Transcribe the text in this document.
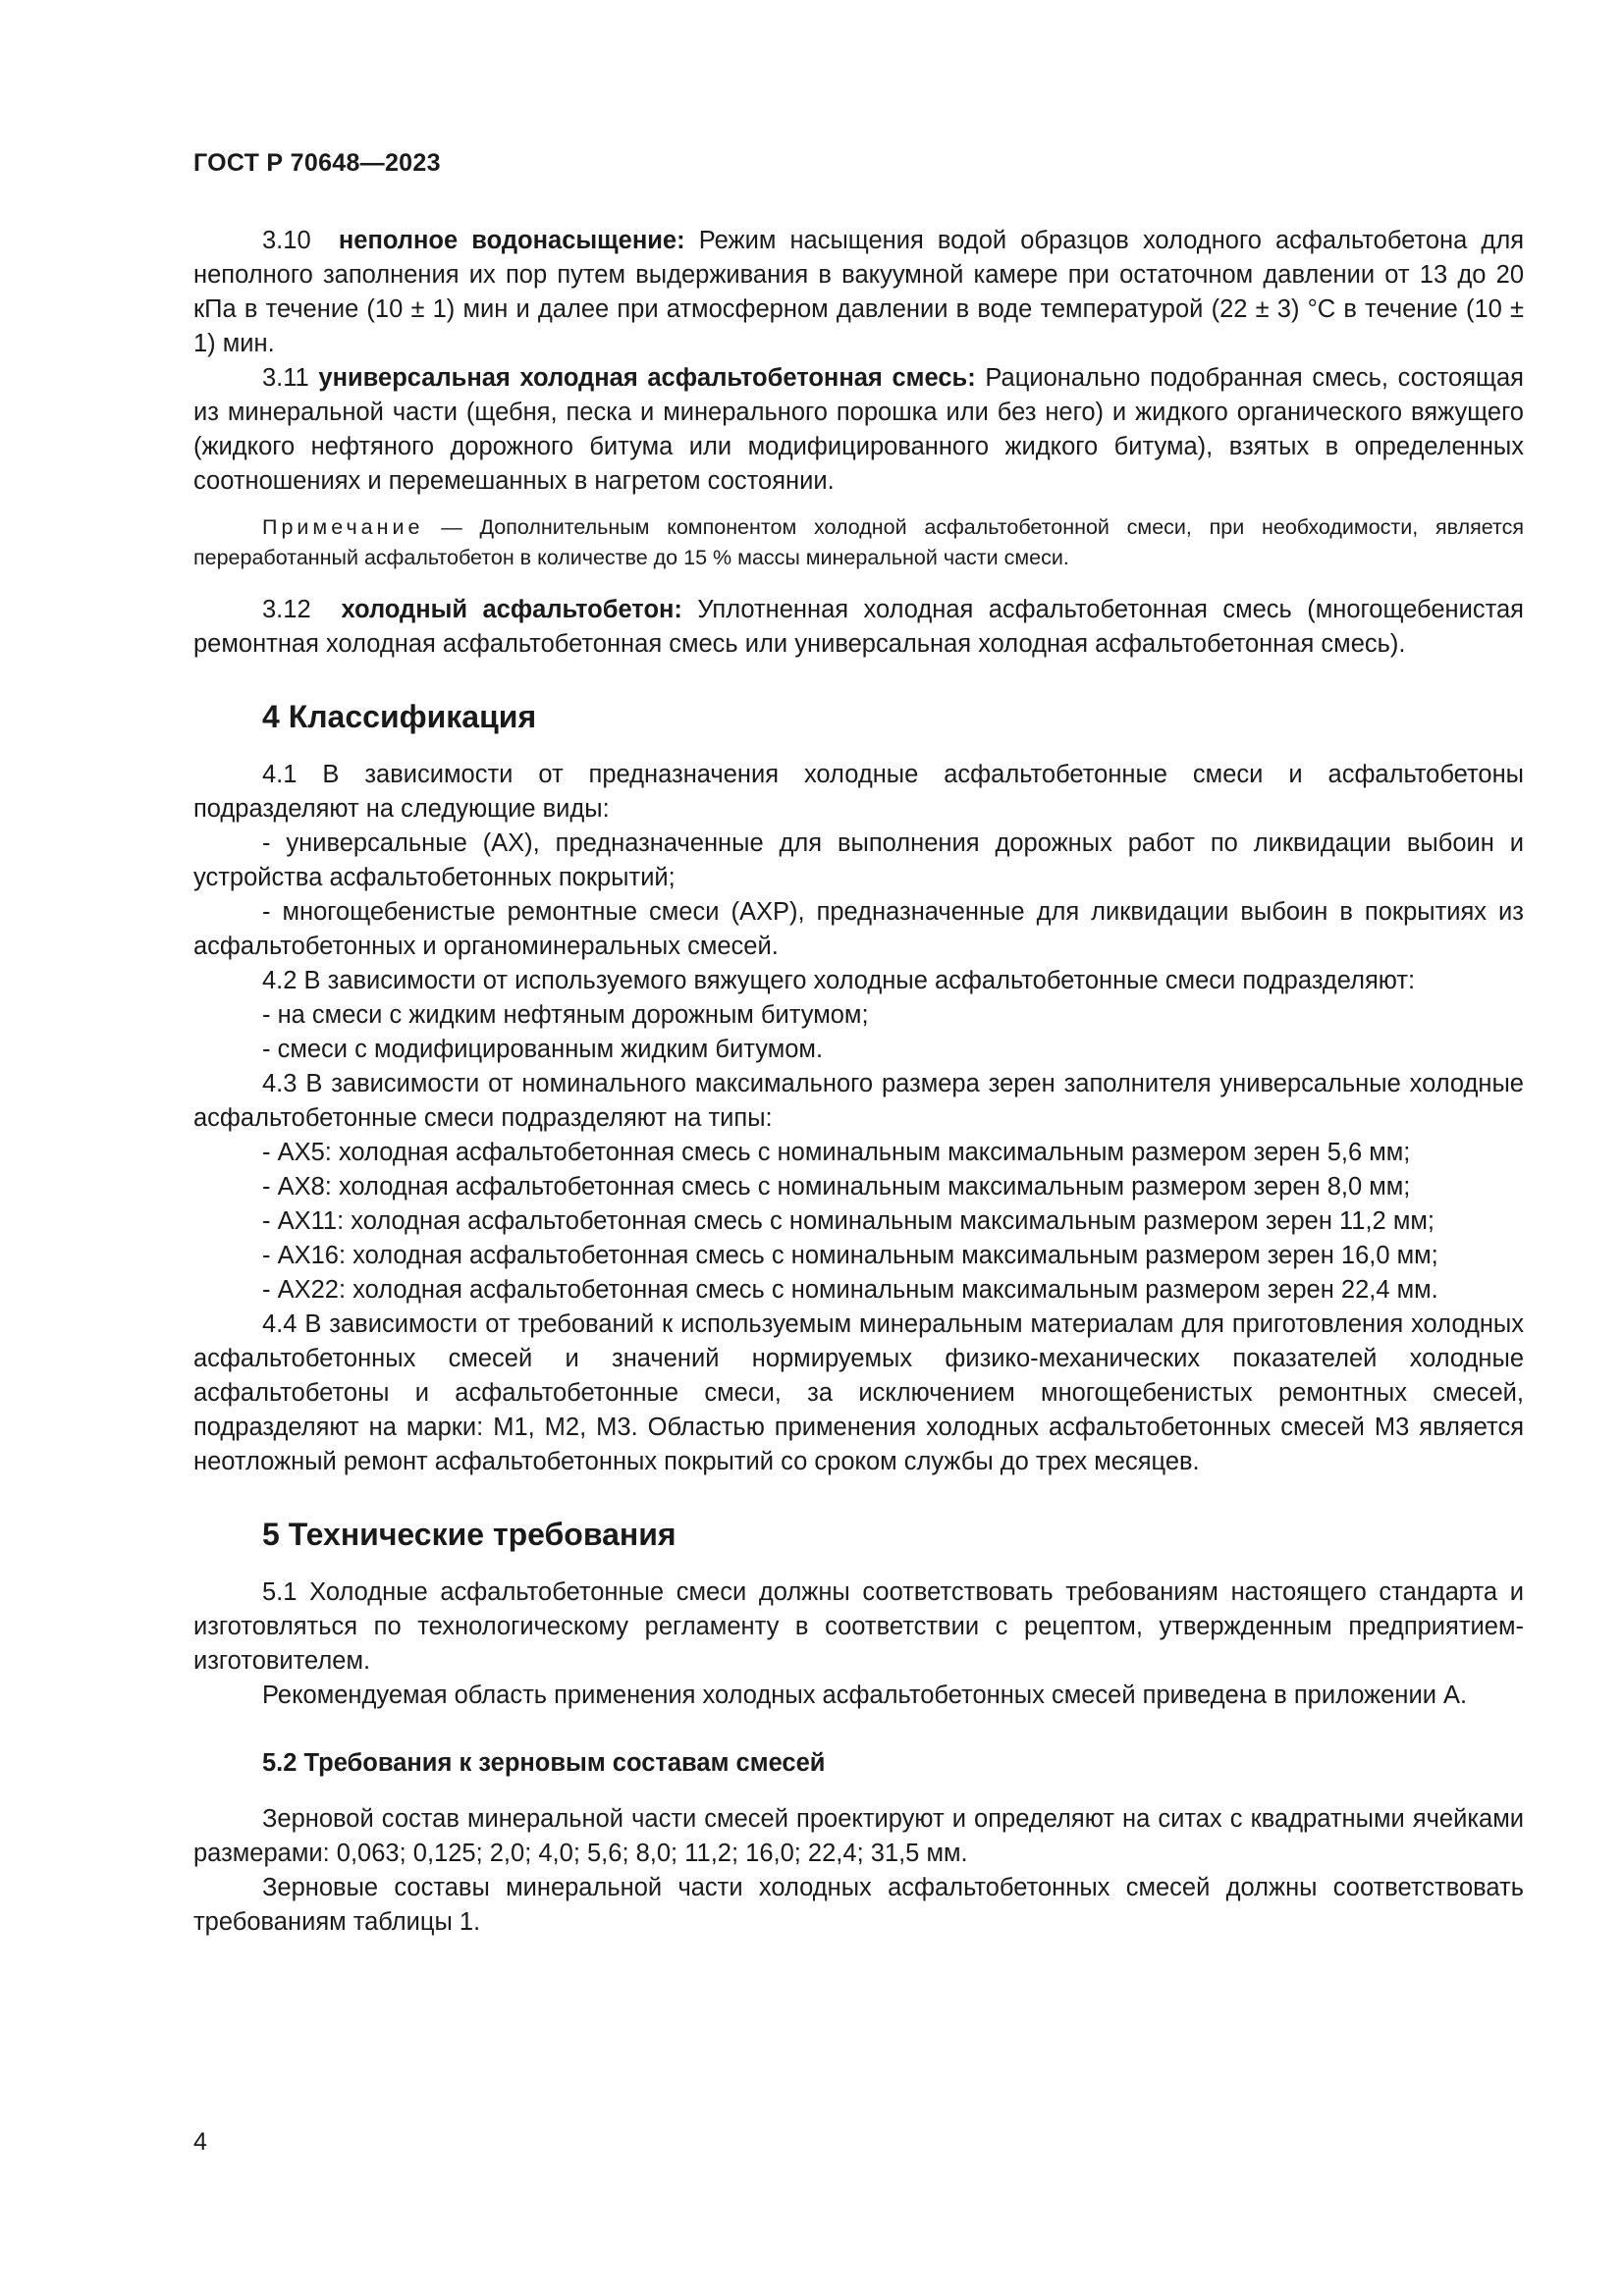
ГОСТ Р 70648—2023

3.10 неполное водонасыщение: Режим насыщения водой образцов холодного асфальтобетона для неполного заполнения их пор путем выдерживания в вакуумной камере при остаточном давлении от 13 до 20 кПа в течение (10 ± 1) мин и далее при атмосферном давлении в воде температурой (22 ± 3) °С в течение (10 ± 1) мин.

3.11 универсальная холодная асфальтобетонная смесь: Рационально подобранная смесь, состоящая из минеральной части (щебня, песка и минерального порошка или без него) и жидкого органического вяжущего (жидкого нефтяного дорожного битума или модифицированного жидкого битума), взятых в определенных соотношениях и перемешанных в нагретом состоянии.

Примечание — Дополнительным компонентом холодной асфальтобетонной смеси, при необходимости, является переработанный асфальтобетон в количестве до 15 % массы минеральной части смеси.

3.12 холодный асфальтобетон: Уплотненная холодная асфальтобетонная смесь (многощебенистая ремонтная холодная асфальтобетонная смесь или универсальная холодная асфальтобетонная смесь).

4 Классификация

4.1 В зависимости от предназначения холодные асфальтобетонные смеси и асфальтобетоны подразделяют на следующие виды:

- универсальные (АХ), предназначенные для выполнения дорожных работ по ликвидации выбоин и устройства асфальтобетонных покрытий;

- многощебенистые ремонтные смеси (АХР), предназначенные для ликвидации выбоин в покрытиях из асфальтобетонных и органоминеральных смесей.

4.2 В зависимости от используемого вяжущего холодные асфальтобетонные смеси подразделяют:

- на смеси с жидким нефтяным дорожным битумом;

- смеси с модифицированным жидким битумом.

4.3 В зависимости от номинального максимального размера зерен заполнителя универсальные холодные асфальтобетонные смеси подразделяют на типы:

- АХ5: холодная асфальтобетонная смесь с номинальным максимальным размером зерен 5,6 мм;

- АХ8: холодная асфальтобетонная смесь с номинальным максимальным размером зерен 8,0 мм;

- АХ11: холодная асфальтобетонная смесь с номинальным максимальным размером зерен 11,2 мм;

- АХ16: холодная асфальтобетонная смесь с номинальным максимальным размером зерен 16,0 мм;

- АХ22: холодная асфальтобетонная смесь с номинальным максимальным размером зерен 22,4 мм.

4.4 В зависимости от требований к используемым минеральным материалам для приготовления холодных асфальтобетонных смесей и значений нормируемых физико-механических показателей холодные асфальтобетоны и асфальтобетонные смеси, за исключением многощебенистых ремонтных смесей, подразделяют на марки: М1, М2, М3. Областью применения холодных асфальтобетонных смесей М3 является неотложный ремонт асфальтобетонных покрытий со сроком службы до трех месяцев.

5 Технические требования

5.1 Холодные асфальтобетонные смеси должны соответствовать требованиям настоящего стандарта и изготовляться по технологическому регламенту в соответствии с рецептом, утвержденным предприятием-изготовителем.

Рекомендуемая область применения холодных асфальтобетонных смесей приведена в приложении А.

5.2 Требования к зерновым составам смесей

Зерновой состав минеральной части смесей проектируют и определяют на ситах с квадратными ячейками размерами: 0,063; 0,125; 2,0; 4,0; 5,6; 8,0; 11,2; 16,0; 22,4; 31,5 мм.

Зерновые составы минеральной части холодных асфальтобетонных смесей должны соответствовать требованиям таблицы 1.

4
